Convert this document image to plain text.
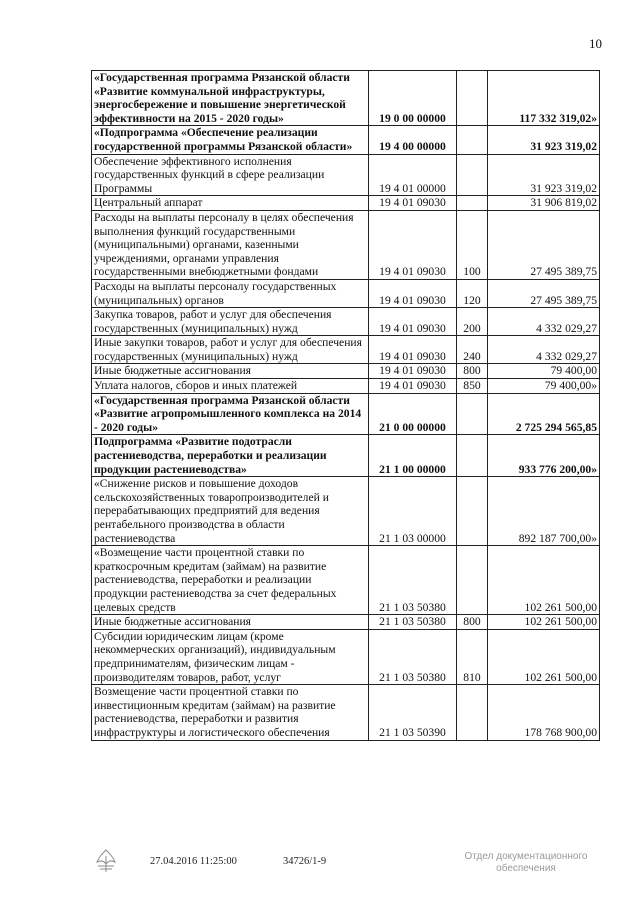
10
«Государственная программа Рязанской области «Развитие коммунальной инфраструктуры, энергосбережение и повышение энергетической эффективности на 2015 - 2020 годы»	19 0 00 00000		117 332 319,02»
«Подпрограмма «Обеспечение реализации государственной программы Рязанской области»	19 4 00 00000		31 923 319,02
Обеспечение эффективного исполнения государственных функций в сфере реализации Программы	19 4 01 00000		31 923 319,02
Центральный аппарат	19 4 01 09030		31 906 819,02
Расходы на выплаты персоналу в целях обеспечения выполнения функций государственными (муниципальными) органами, казенными учреждениями, органами управления государственными внебюджетными фондами	19 4 01 09030	100	27 495 389,75
Расходы на выплаты персоналу государственных (муниципальных) органов	19 4 01 09030	120	27 495 389,75
Закупка товаров, работ и услуг для обеспечения государственных (муниципальных) нужд	19 4 01 09030	200	4 332 029,27
Иные закупки товаров, работ и услуг для обеспечения государственных (муниципальных) нужд	19 4 01 09030	240	4 332 029,27
Иные бюджетные ассигнования	19 4 01 09030	800	79 400,00
Уплата налогов, сборов и иных платежей	19 4 01 09030	850	79 400,00»
«Государственная программа Рязанской области «Развитие агропромышленного комплекса на 2014 - 2020 годы»	21 0 00 00000		2 725 294 565,85
Подпрограмма «Развитие подотрасли растениеводства, переработки и реализации продукции растениеводства»	21 1 00 00000		933 776 200,00»
«Снижение рисков и повышение доходов сельскохозяйственных товаропроизводителей и перерабатывающих предприятий для ведения рентабельного производства в области растениеводства	21 1 03 00000		892 187 700,00»
«Возмещение части процентной ставки по краткосрочным кредитам (займам) на развитие растениеводства, переработки и реализации продукции растениеводства за счет федеральных целевых средств	21 1 03 50380		102 261 500,00
Иные бюджетные ассигнования	21 1 03 50380	800	102 261 500,00
Субсидии юридическим лицам (кроме некоммерческих организаций), индивидуальным предпринимателям, физическим лицам - производителям товаров, работ, услуг	21 1 03 50380	810	102 261 500,00
Возмещение части процентной ставки по инвестиционным кредитам (займам) на развитие растениеводства, переработки и развития инфраструктуры и логистического обеспечения	21 1 03 50390		178 768 900,00
27.04.2016 11:25:00	34726/1-9	Отдел документационного
обеспечения
